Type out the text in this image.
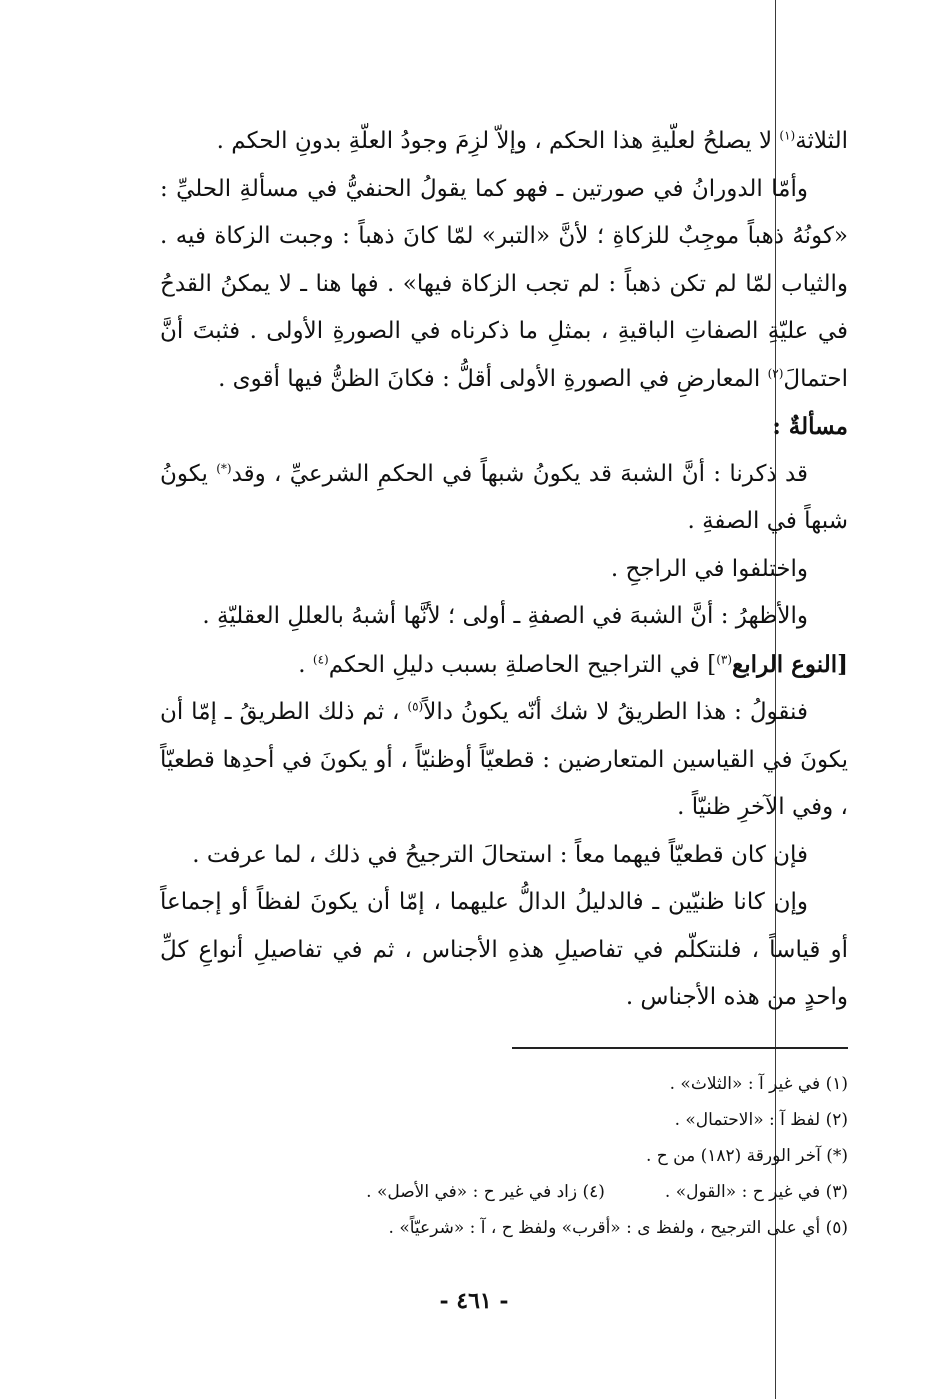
الثلاثة$^{(١)}$ لا يصلحُ لعلّيةِ هذا الحكم ، وإلاّ لزِمَ وجودُ العلّةِ بدونِ الحكم .

وأمّا الدورانُ في صورتين ـ فهو كما يقولُ الحنفيُّ في مسألةِ الحليِّ : «كونُهُ ذهباً موجِبٌ للزكاةِ ؛ لأنَّ «التبر» لمّا كانَ ذهباً : وجبت الزكاة فيه . والثياب لمّا لم تكن ذهباً : لم تجب الزكاة فيها» . فها هنا ـ لا يمكنُ القدحُ في عليّةِ الصفاتِ الباقيةِ ، بمثلِ ما ذكرناه في الصورةِ الأولى . فثبتَ أنَّ احتمالَ$^{(٢)}$ المعارضِ في الصورةِ الأولى أقلُّ : فكانَ الظنُّ فيها أقوى .

مسألةٌ :

قد ذكرنا : أنَّ الشبهَ قد يكونُ شبهاً في الحكمِ الشرعيِّ ، وقد(*) يكونُ شبهاً في الصفةِ .

واختلفوا في الراجحِ .

والأظهرُ : أنَّ الشبهَ في الصفةِ ـ أولى ؛ لأنَّها أشبهُ بالعللِ العقليّةِ .

[النوع الرابع$^{(٣)}$] في التراجيح الحاصلةِ بسبب دليلِ الحكم$^{(٤)}$ .

فنقولُ : هذا الطريقُ لا شك أنّه يكونُ دالاً$^{(٥)}$ ، ثم ذلك الطريقُ ـ إمّا أن يكونَ في القياسين المتعارضين : قطعيّاً أوظنيّاً ، أو يكونَ في أحدِها قطعيّاً ، وفي الآخرِ ظنيّاً .

فإن كان قطعيّاً فيهما معاً : استحالَ الترجيحُ في ذلك ، لما عرفت .

وإن كانا ظنيّين ـ فالدليلُ الدالُّ عليهما ، إمّا أن يكونَ لفظاً أو إجماعاً أو قياساً ، فلنتكلّم في تفاصيلِ هذهِ الأجناس ، ثم في تفاصيلِ أنواعِ كلِّ واحدٍ من هذه الأجناس .

(١) في غير آ : «الثلاث» .
(٢) لفظ آ : «الاحتمال» .
(*) آخر الورقة (١٨٢) من ح .
(٣) في غير ح : «القول» .
(٤) زاد في غير ح : «في الأصل» .
(٥) أي على الترجيح ، ولفظ ى : «أقرب» ولفظ ح ، آ : «شرعيّاً» .
- ٤٦١ -
